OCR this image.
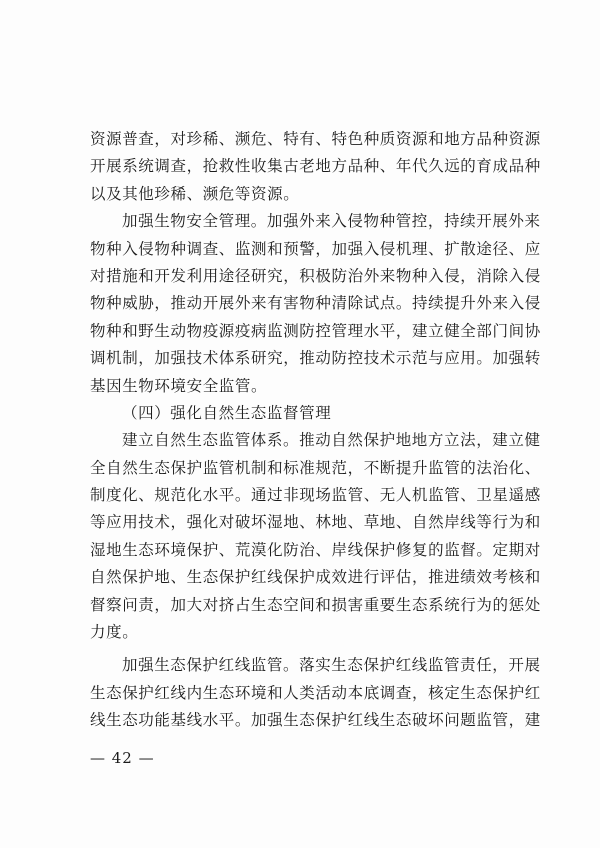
资源普查，对珍稀、濒危、特有、特色种质资源和地方品种资源
开展系统调查，抢救性收集古老地方品种、年代久远的育成品种
以及其他珍稀、濒危等资源。
加强生物安全管理。加强外来入侵物种管控，持续开展外来
物种入侵物种调查、监测和预警，加强入侵机理、扩散途径、应
对措施和开发利用途径研究，积极防治外来物种入侵，消除入侵
物种威胁，推动开展外来有害物种清除试点。持续提升外来入侵
物种和野生动物疫源疫病监测防控管理水平，建立健全部门间协
调机制，加强技术体系研究，推动防控技术示范与应用。加强转
基因生物环境安全监管。
（四）强化自然生态监督管理
建立自然生态监管体系。推动自然保护地地方立法，建立健
全自然生态保护监管机制和标准规范，不断提升监管的法治化、
制度化、规范化水平。通过非现场监管、无人机监管、卫星遥感
等应用技术，强化对破坏湿地、林地、草地、自然岸线等行为和
湿地生态环境保护、荒漠化防治、岸线保护修复的监督。定期对
自然保护地、生态保护红线保护成效进行评估，推进绩效考核和
督察问责，加大对挤占生态空间和损害重要生态系统行为的惩处
力度。
加强生态保护红线监管。落实生态保护红线监管责任，开展
生态保护红线内生态环境和人类活动本底调查，核定生态保护红
线生态功能基线水平。加强生态保护红线生态破坏问题监管，建
— 42 —
